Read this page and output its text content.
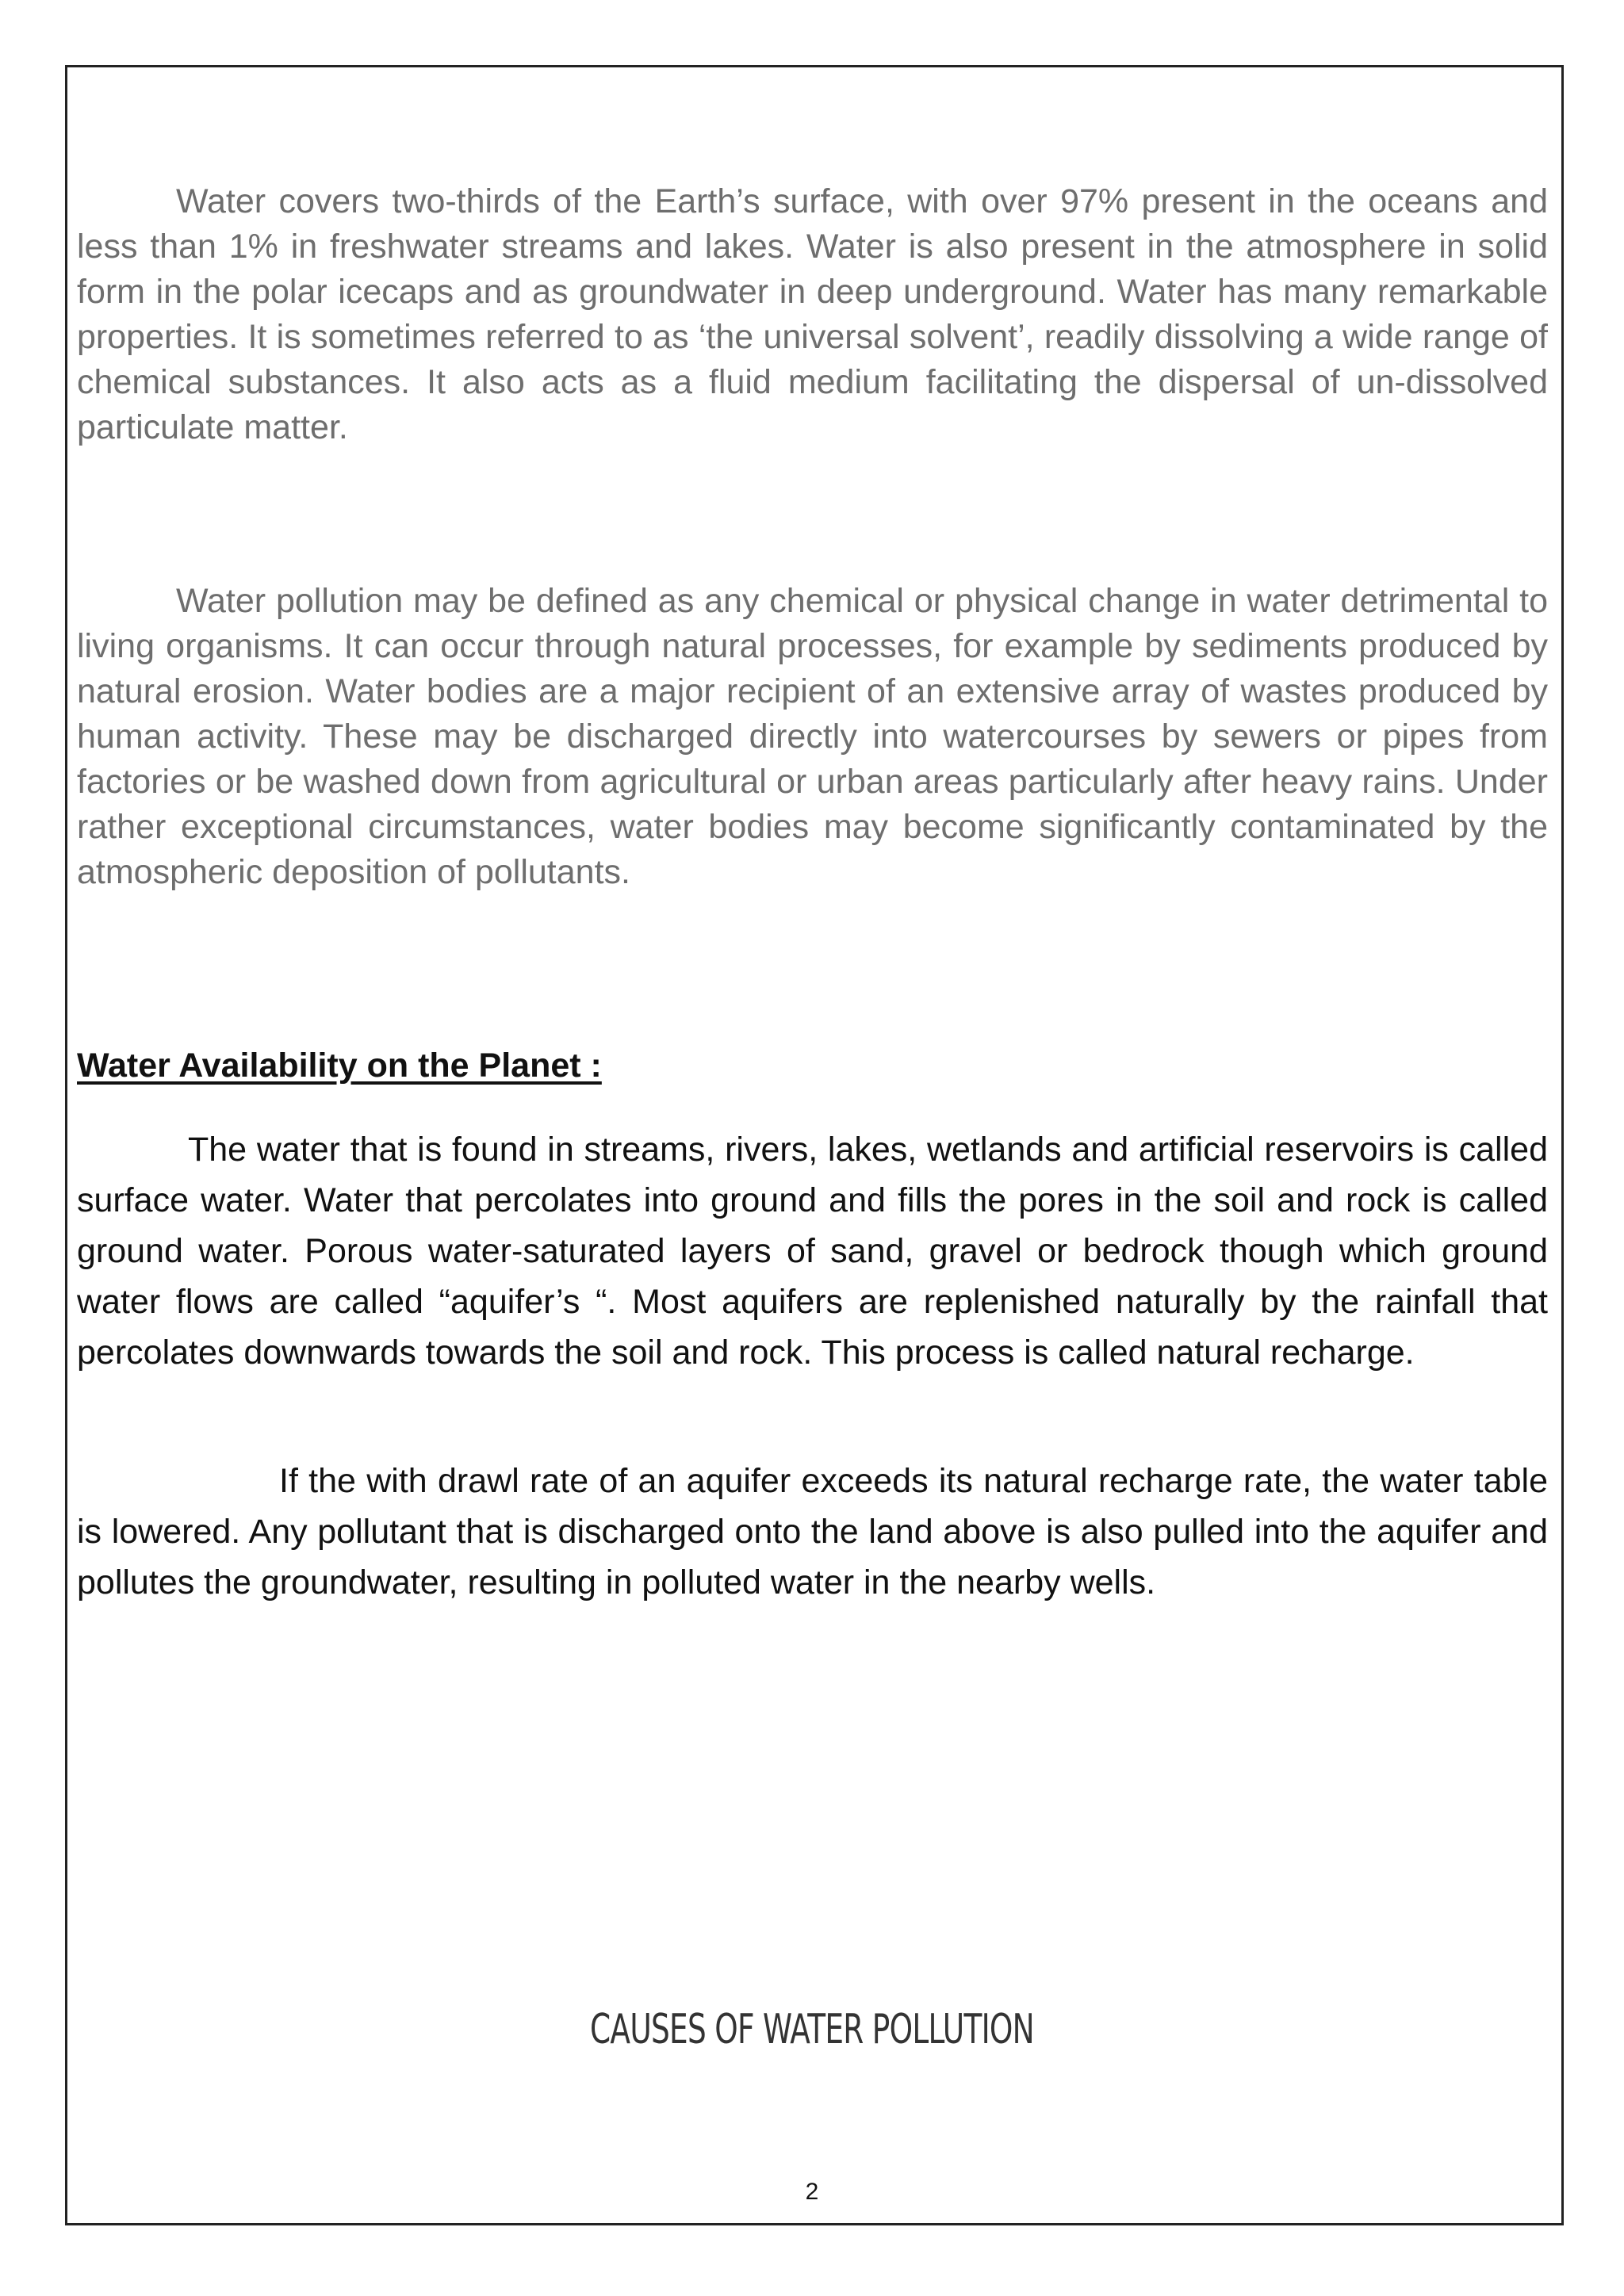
Water covers two-thirds of the Earth’s surface, with over 97% present in the oceans and less than 1% in freshwater streams and lakes. Water is also present in the atmosphere in solid form in the polar icecaps and as groundwater in deep underground. Water has many remarkable properties. It is sometimes referred to as ‘the universal solvent’, readily dissolving a wide range of chemical substances. It also acts as a fluid medium facilitating the dispersal of un-dissolved particulate matter.

Water pollution may be defined as any chemical or physical change in water detrimental to living organisms. It can occur through natural processes, for example by sediments produced by natural erosion. Water bodies are a major recipient of an extensive array of wastes produced by human activity. These may be discharged directly into watercourses by sewers or pipes from factories or be washed down from agricultural or urban areas particularly after heavy rains. Under rather exceptional circumstances, water bodies may become significantly contaminated by the atmospheric deposition of pollutants.

Water Availability on the Planet :

The water that is found in streams, rivers, lakes, wetlands and artificial reservoirs is called surface water. Water that percolates into ground and fills the pores in the soil and rock is called ground water. Porous water-saturated layers of sand, gravel or bedrock though which ground water flows are called “aquifer’s “. Most aquifers are replenished naturally by the rainfall that percolates downwards towards the soil and rock. This process is called natural recharge.

If the with drawl rate of an aquifer exceeds its natural recharge rate, the water table is lowered. Any pollutant that is discharged onto the land above is also pulled into the aquifer and pollutes the groundwater, resulting in polluted water in the nearby wells.

CAUSES OF WATER POLLUTION
2
